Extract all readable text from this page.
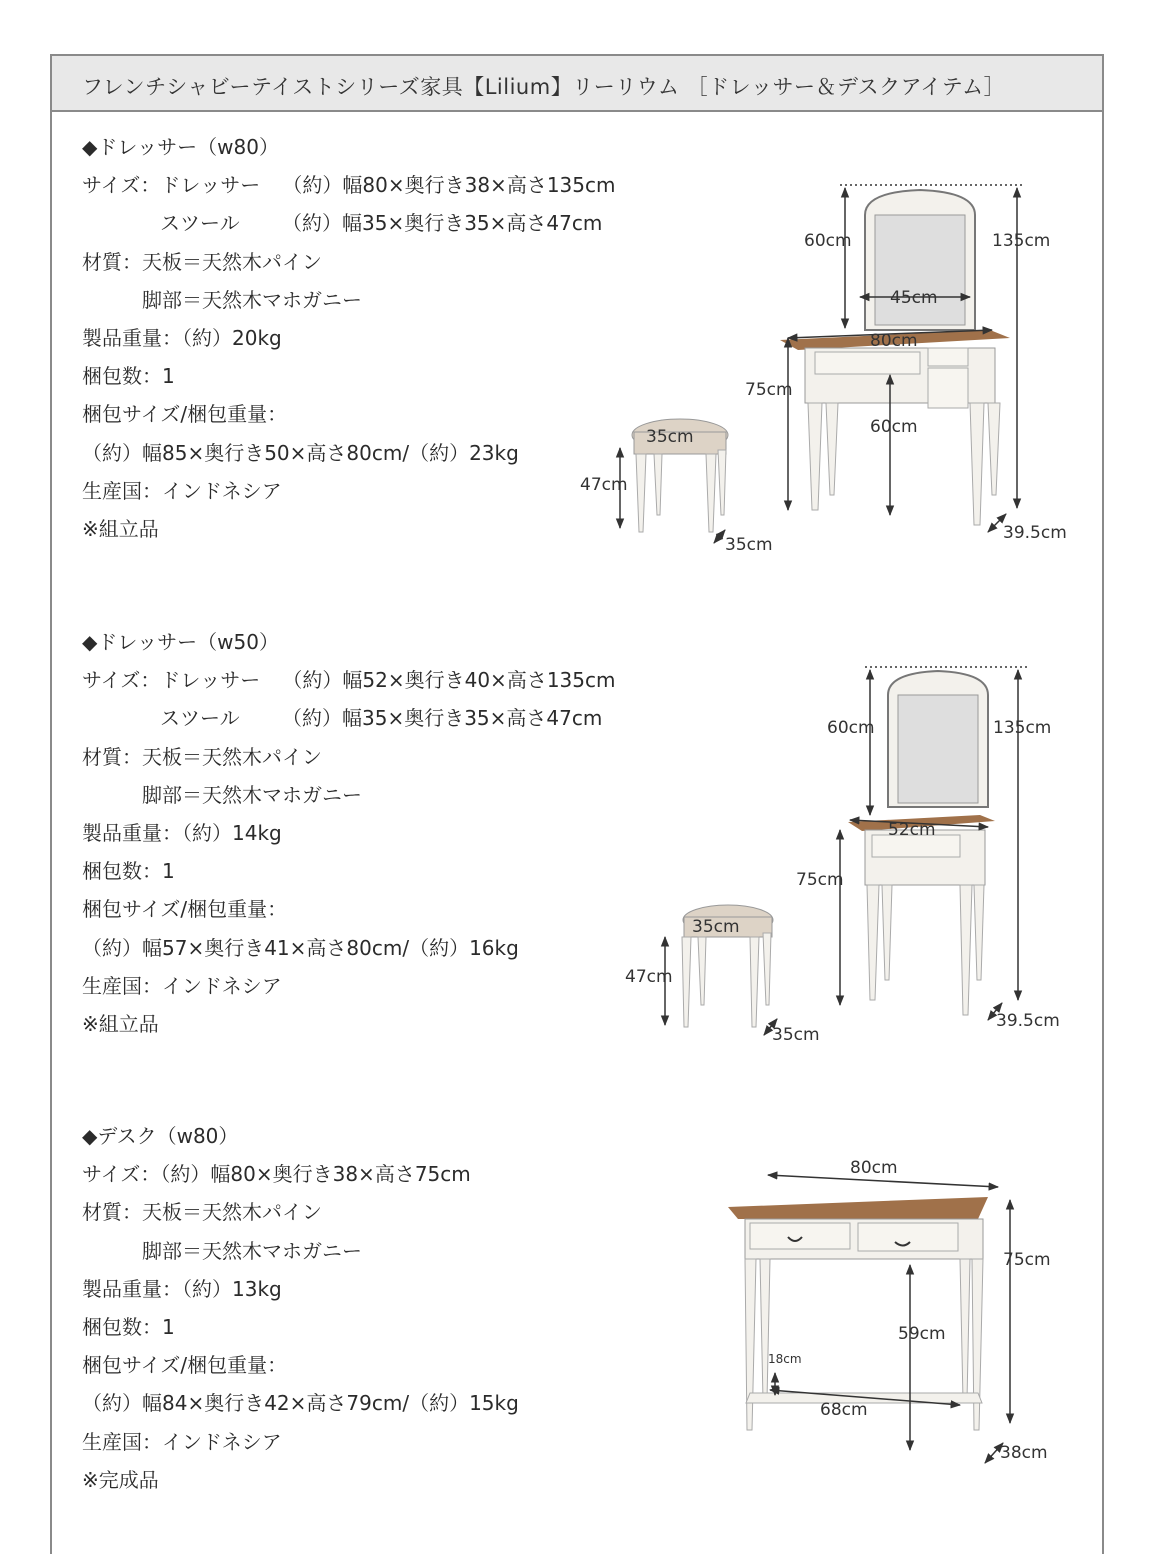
フレンチシャビーテイストシリーズ家具【Lilium】リーリウム ［ドレッサー＆デスクアイテム］
◆ドレッサー（w80）
サイズ：ドレッサー （約）幅80×奥行き38×高さ135cm
スツール （約）幅35×奥行き35×高さ47cm
材質：天板＝天然木パイン
脚部＝天然木マホガニー
製品重量：（約）20kg
梱包数：1
梱包サイズ/梱包重量：
（約）幅85×奥行き50×高さ80cm/（約）23kg
生産国：インドネシア
※組立品
◆ドレッサー（w50）
サイズ：ドレッサー （約）幅52×奥行き40×高さ135cm
スツール （約）幅35×奥行き35×高さ47cm
材質：天板＝天然木パイン
脚部＝天然木マホガニー
製品重量：（約）14kg
梱包数：1
梱包サイズ/梱包重量：
（約）幅57×奥行き41×高さ80cm/（約）16kg
生産国：インドネシア
※組立品
◆デスク（w80）
サイズ：（約）幅80×奥行き38×高さ75cm
材質：天板＝天然木パイン
脚部＝天然木マホガニー
製品重量：（約）13kg
梱包数：1
梱包サイズ/梱包重量：
（約）幅84×奥行き42×高さ79cm/（約）15kg
生産国：インドネシア
※完成品
60cm	135cm
45cm
80cm
75cm
60cm
39.5cm
35cm
47cm
35cm
60cm	135cm
52cm
75cm
39.5cm
35cm
47cm
35cm
80cm
75cm
59cm
18cm
68cm
38cm
